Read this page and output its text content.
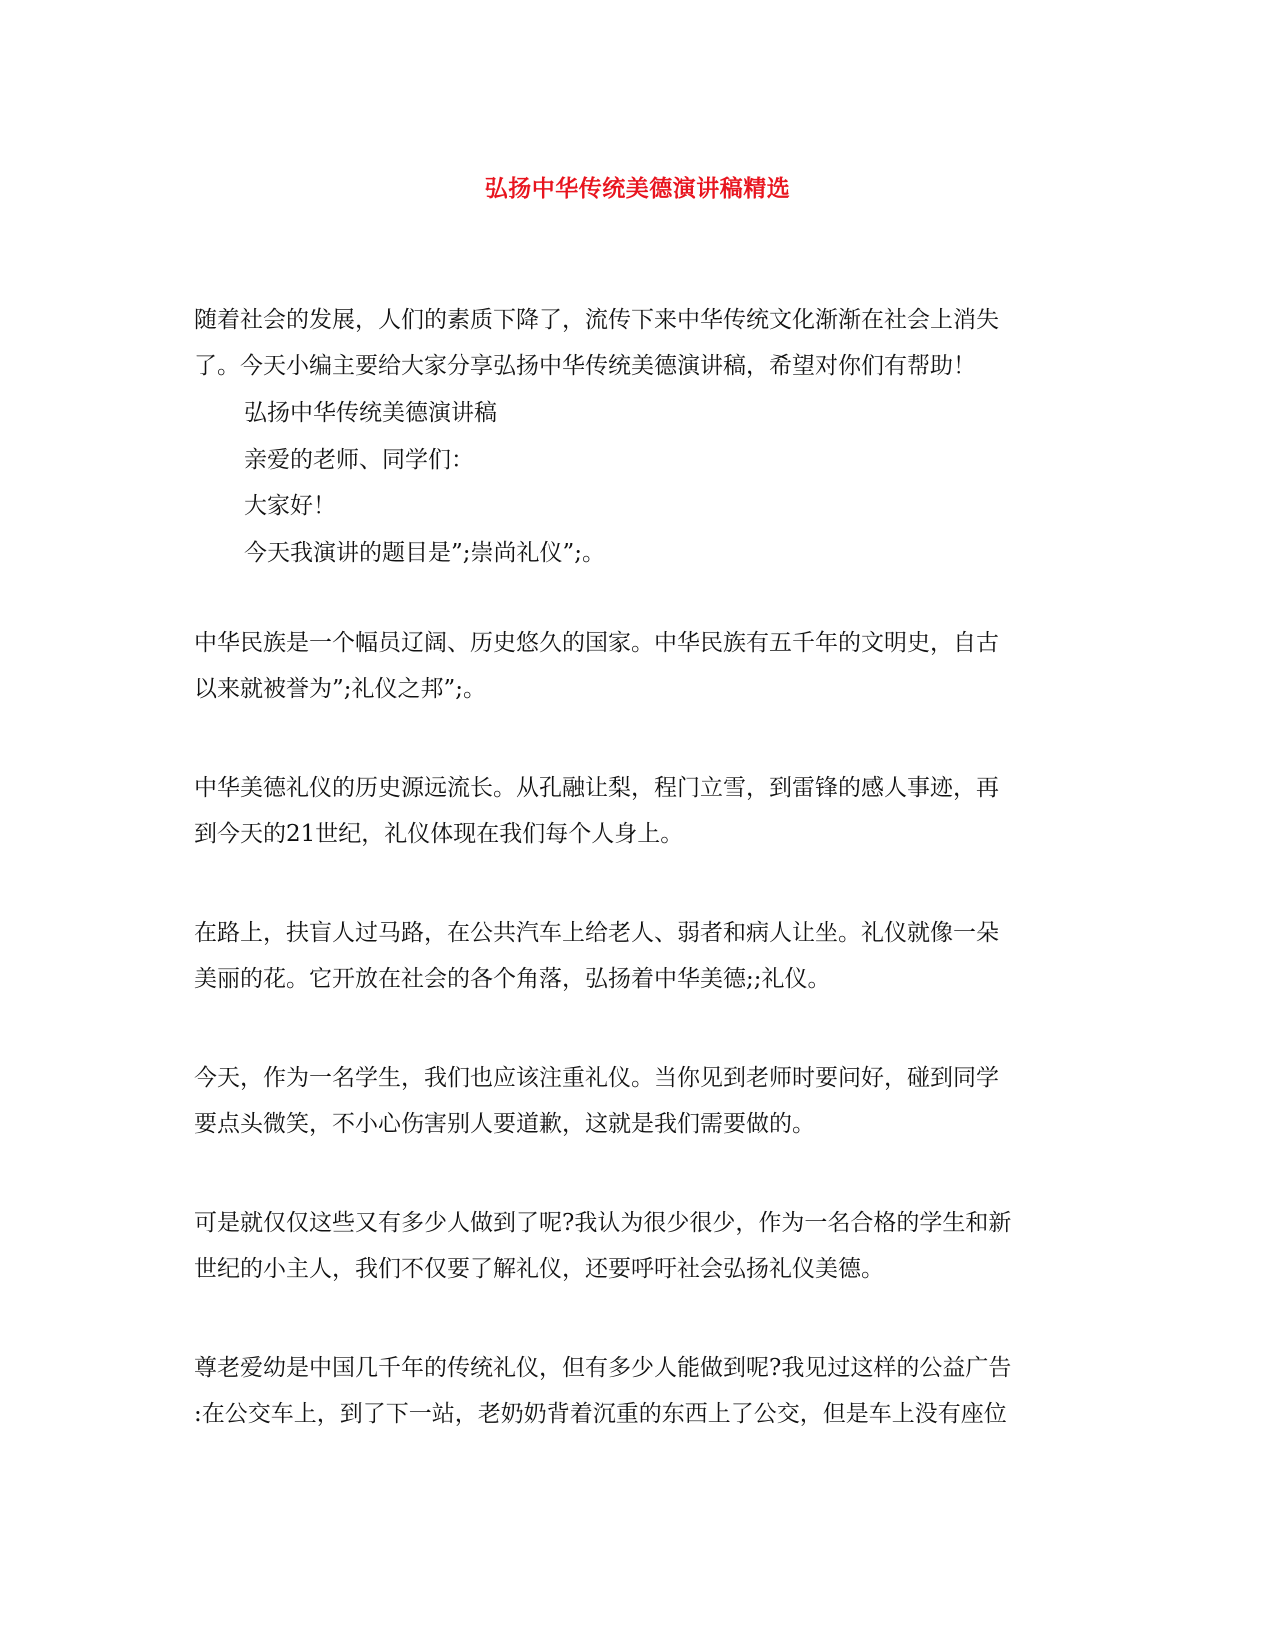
弘扬中华传统美德演讲稿精选
随着社会的发展，人们的素质下降了，流传下来中华传统文化渐渐在社会上消失
了。今天小编主要给大家分享弘扬中华传统美德演讲稿，希望对你们有帮助！
弘扬中华传统美德演讲稿
亲爱的老师、同学们：
大家好！
今天我演讲的题目是”;崇尚礼仪”;。
中华民族是一个幅员辽阔、历史悠久的国家。中华民族有五千年的文明史，自古
以来就被誉为”;礼仪之邦”;。
中华美德礼仪的历史源远流长。从孔融让梨，程门立雪，到雷锋的感人事迹，再
到今天的21世纪，礼仪体现在我们每个人身上。
在路上，扶盲人过马路，在公共汽车上给老人、弱者和病人让坐。礼仪就像一朵
美丽的花。它开放在社会的各个角落，弘扬着中华美德;;礼仪。
今天，作为一名学生，我们也应该注重礼仪。当你见到老师时要问好，碰到同学
要点头微笑，不小心伤害别人要道歉，这就是我们需要做的。
可是就仅仅这些又有多少人做到了呢?我认为很少很少，作为一名合格的学生和新
世纪的小主人，我们不仅要了解礼仪，还要呼吁社会弘扬礼仪美德。
尊老爱幼是中国几千年的传统礼仪，但有多少人能做到呢?我见过这样的公益广告
:在公交车上，到了下一站，老奶奶背着沉重的东西上了公交，但是车上没有座位
